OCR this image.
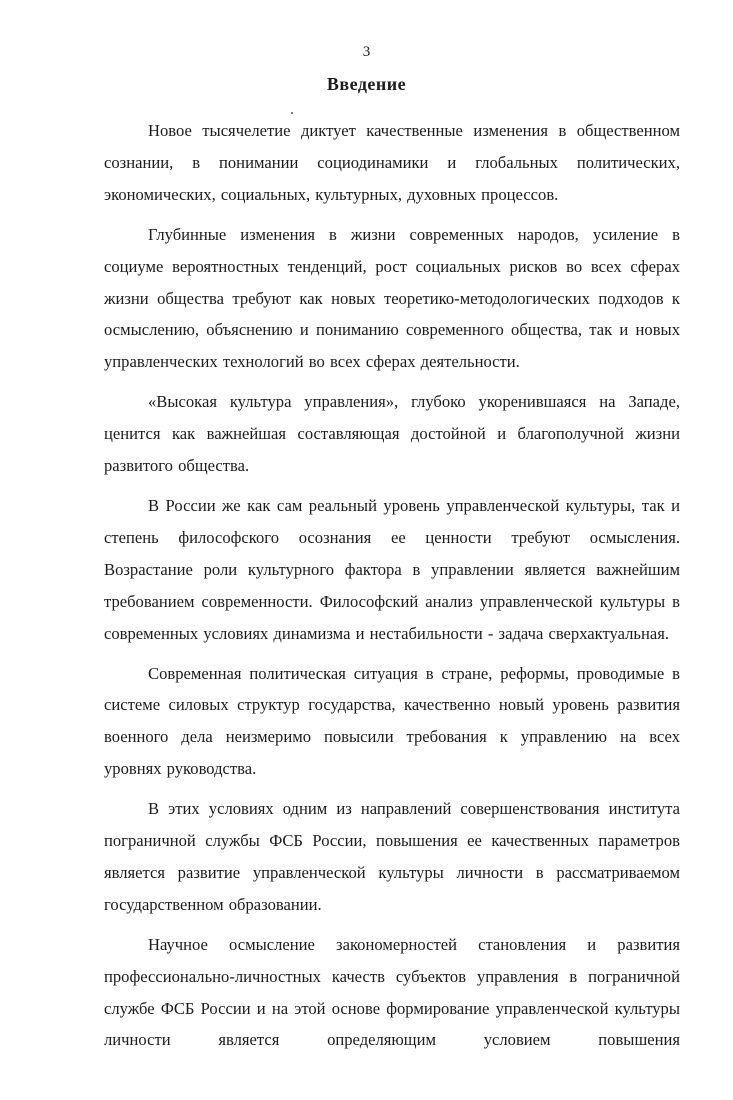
3
Введение

Новое тысячелетие диктует качественные изменения в общественном сознании, в понимании социодинамики и глобальных политических, экономических, социальных, культурных, духовных процессов.

Глубинные изменения в жизни современных народов, усиление в социуме вероятностных тенденций, рост социальных рисков во всех сферах жизни общества требуют как новых теоретико-методологических подходов к осмыслению, объяснению и пониманию современного общества, так и новых управленческих технологий во всех сферах деятельности.

«Высокая культура управления», глубоко укоренившаяся на Западе, ценится как важнейшая составляющая достойной и благополучной жизни развитого общества.

В России же как сам реальный уровень управленческой культуры, так и степень философского осознания ее ценности требуют осмысления. Возрастание роли культурного фактора в управлении является важнейшим требованием современности. Философский анализ управленческой культуры в современных условиях динамизма и нестабильности - задача сверхактуальная.

Современная политическая ситуация в стране, реформы, проводимые в системе силовых структур государства, качественно новый уровень развития военного дела неизмеримо повысили требования к управлению на всех уровнях руководства.

В этих условиях одним из направлений совершенствования института пограничной службы ФСБ России, повышения ее качественных параметров является развитие управленческой культуры личности в рассматриваемом государственном образовании.

Научное осмысление закономерностей становления и развития профессионально-личностных качеств субъектов управления в пограничной службе ФСБ России и на этой основе формирование управленческой культуры личности является определяющим условием повышения
